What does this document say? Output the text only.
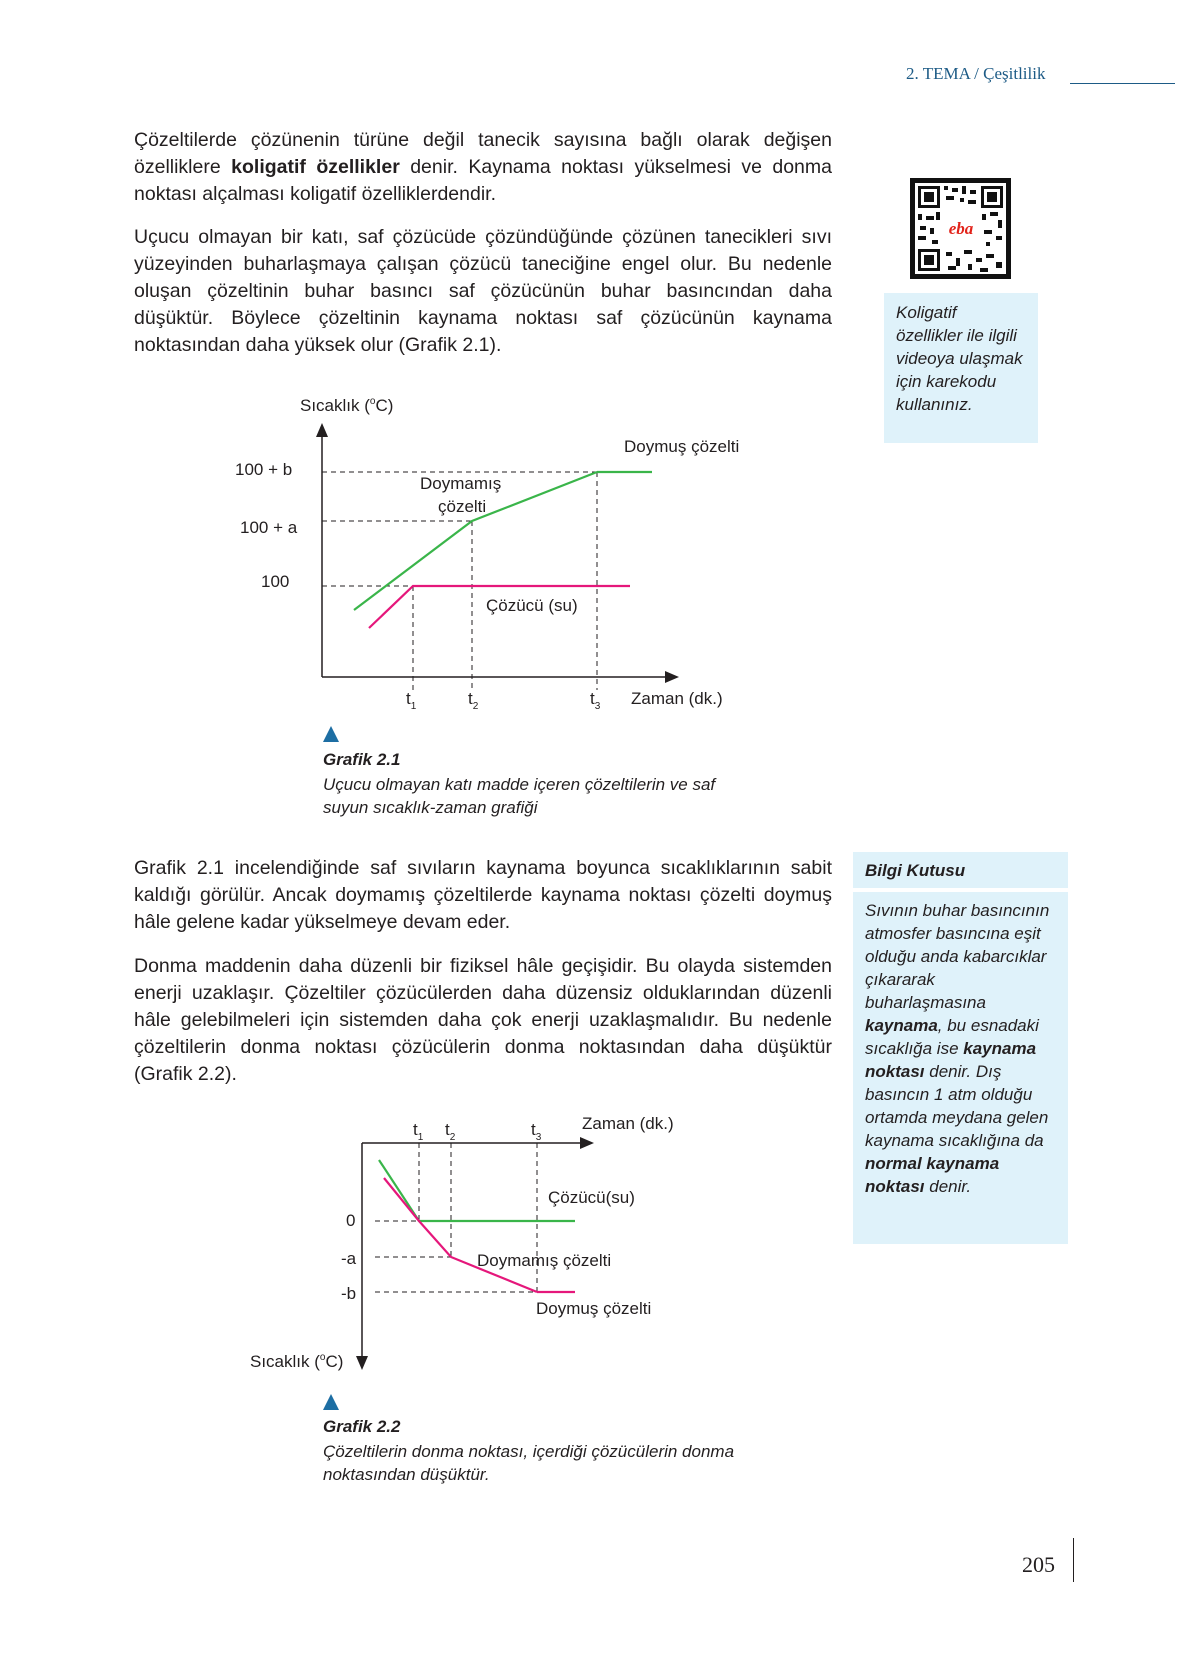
2. TEMA / Çeşitlilik

Çözeltilerde çözünenin türüne değil tanecik sayısına bağlı olarak değişen özelliklere koligatif özellikler denir. Kaynama noktası yükselmesi ve donma noktası alçalması koligatif özelliklerdendir.

Uçucu olmayan bir katı, saf çözücüde çözündüğünde çözünen tanecikleri sıvı yüzeyinden buharlaşmaya çalışan çözücü taneciğine engel olur. Bu nedenle oluşan çözeltinin buhar basıncı saf çözücünün buhar basıncından daha düşüktür. Böylece çözeltinin kaynama noktası saf çözücünün kaynama noktasından daha yüksek olur (Grafik 2.1).

eba

Koligatif özellikler ile ilgili videoya ulaşmak için karekodu kullanınız.

Sıcaklık ($^o$C)
100 + b
100 + a
100
Doymuş çözelti
Doymamış
çözelti
Çözücü (su)
$t_1$	$t_2$	$t_3$ Zaman (dk.)
Grafik 2.1
Uçucu olmayan katı madde içeren çözeltilerin ve saf suyun sıcaklık-zaman grafiği

Grafik 2.1 incelendiğinde saf sıvıların kaynama boyunca sıcaklıklarının sabit kaldığı görülür. Ancak doymamış çözeltilerde kaynama noktası çözelti doymuş hâle gelene kadar yükselmeye devam eder.

Donma maddenin daha düzenli bir fiziksel hâle geçişidir. Bu olayda sistemden enerji uzaklaşır. Çözeltiler çözücülerden daha düzensiz olduklarından düzenli hâle gelebilmeleri için sistemden daha çok enerji uzaklaşmalıdır. Bu nedenle çözeltilerin donma noktası çözücülerin donma noktasından daha düşüktür (Grafik 2.2).

Bilgi Kutusu

Sıvının buhar basıncının atmosfer basıncına eşit olduğu anda kabarcıklar çıkararak buharlaşmasına kaynama, bu esnadaki sıcaklığa ise kaynama noktası denir. Dış basıncın 1 atm olduğu ortamda meydana gelen kaynama sıcaklığına da normal kaynama noktası denir.

$t_1$ $t_2$	$t_3$
Zaman (dk.)
0
-a
-b
Çözücü(su)
Doymamış çözelti
Doymuş çözelti
Sıcaklık ($^o$C)
Grafik 2.2
Çözeltilerin donma noktası, içerdiği çözücülerin donma noktasından düşüktür.
205
